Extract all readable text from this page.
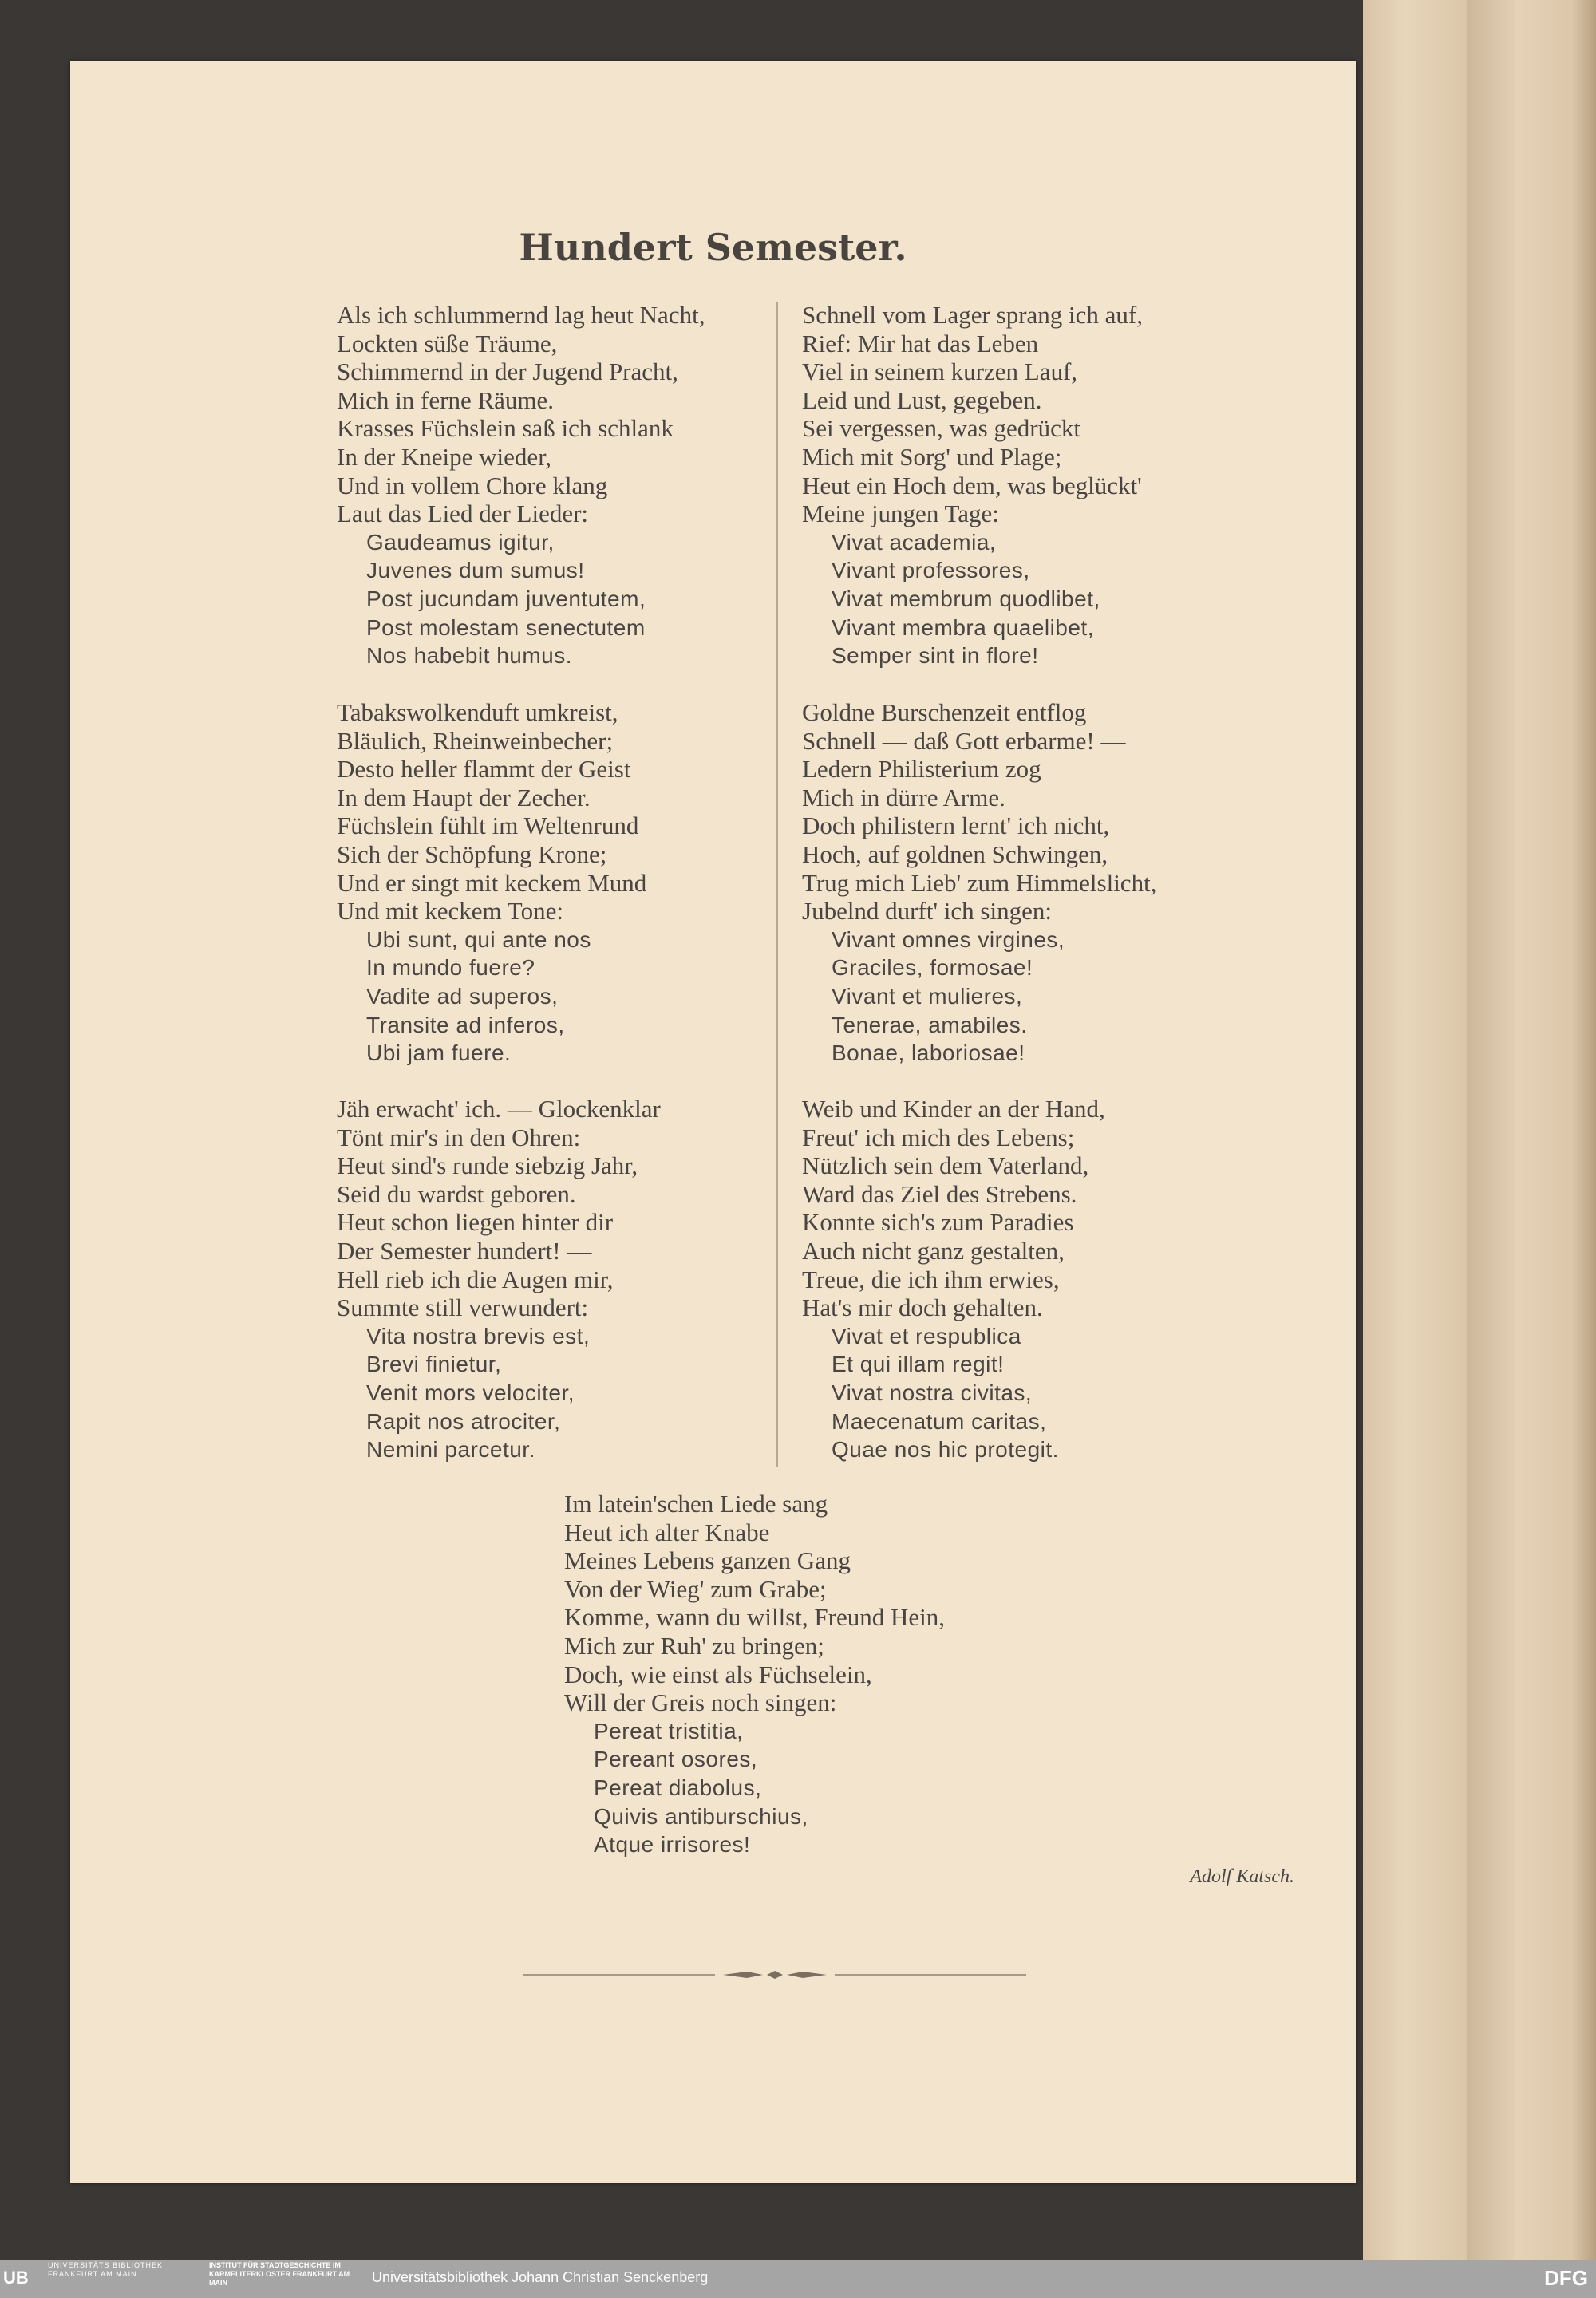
Hundert Semester.
Als ich schlummernd lag heut Nacht,
Lockten süße Träume,
Schimmernd in der Jugend Pracht,
Mich in ferne Räume.
Krasses Füchslein saß ich schlank
In der Kneipe wieder,
Und in vollem Chore klang
Laut das Lied der Lieder:
Gaudeamus igitur,
Juvenes dum sumus!
Post jucundam juventutem,
Post molestam senectutem
Nos habebit humus.
Schnell vom Lager sprang ich auf,
Rief: Mir hat das Leben
Viel in seinem kurzen Lauf,
Leid und Lust, gegeben.
Sei vergessen, was gedrückt
Mich mit Sorg' und Plage;
Heut ein Hoch dem, was beglückt'
Meine jungen Tage:
Vivat academia,
Vivant professores,
Vivat membrum quodlibet,
Vivant membra quaelibet,
Semper sint in flore!
Tabakswolkenduft umkreist,
Bläulich, Rheinweinbecher;
Desto heller flammt der Geist
In dem Haupt der Zecher.
Füchslein fühlt im Weltenrund
Sich der Schöpfung Krone;
Und er singt mit keckem Mund
Und mit keckem Tone:
Ubi sunt, qui ante nos
In mundo fuere?
Vadite ad superos,
Transite ad inferos,
Ubi jam fuere.
Goldne Burschenzeit entflog
Schnell — daß Gott erbarme! —
Ledern Philisterium zog
Mich in dürre Arme.
Doch philistern lernt' ich nicht,
Hoch, auf goldnen Schwingen,
Trug mich Lieb' zum Himmelslicht,
Jubelnd durft' ich singen:
Vivant omnes virgines,
Graciles, formosae!
Vivant et mulieres,
Tenerae, amabiles.
Bonae, laboriosae!
Jäh erwacht' ich. — Glockenklar
Tönt mir's in den Ohren:
Heut sind's runde siebzig Jahr,
Seid du wardst geboren.
Heut schon liegen hinter dir
Der Semester hundert! —
Hell rieb ich die Augen mir,
Summte still verwundert:
Vita nostra brevis est,
Brevi finietur,
Venit mors velociter,
Rapit nos atrociter,
Nemini parcetur.
Weib und Kinder an der Hand,
Freut' ich mich des Lebens;
Nützlich sein dem Vaterland,
Ward das Ziel des Strebens.
Konnte sich's zum Paradies
Auch nicht ganz gestalten,
Treue, die ich ihm erwies,
Hat's mir doch gehalten.
Vivat et respublica
Et qui illam regit!
Vivat nostra civitas,
Maecenatum caritas,
Quae nos hic protegit.
Im latein'schen Liede sang
Heut ich alter Knabe
Meines Lebens ganzen Gang
Von der Wieg' zum Grabe;
Komme, wann du willst, Freund Hein,
Mich zur Ruh' zu bringen;
Doch, wie einst als Füchselein,
Will der Greis noch singen:
Pereat tristitia,
Pereant osores,
Pereat diabolus,
Quivis antiburschius,
Atque irrisores!
Adolf Katsch.
UB
UNIVERSITÄTS BIBLIOTHEK FRANKFURT AM MAIN
INSTITUT FÜR STADTGESCHICHTE IM KARMELITERKLOSTER FRANKFURT AM MAIN	Universitätsbibliothek Johann Christian Senckenberg	DFG
